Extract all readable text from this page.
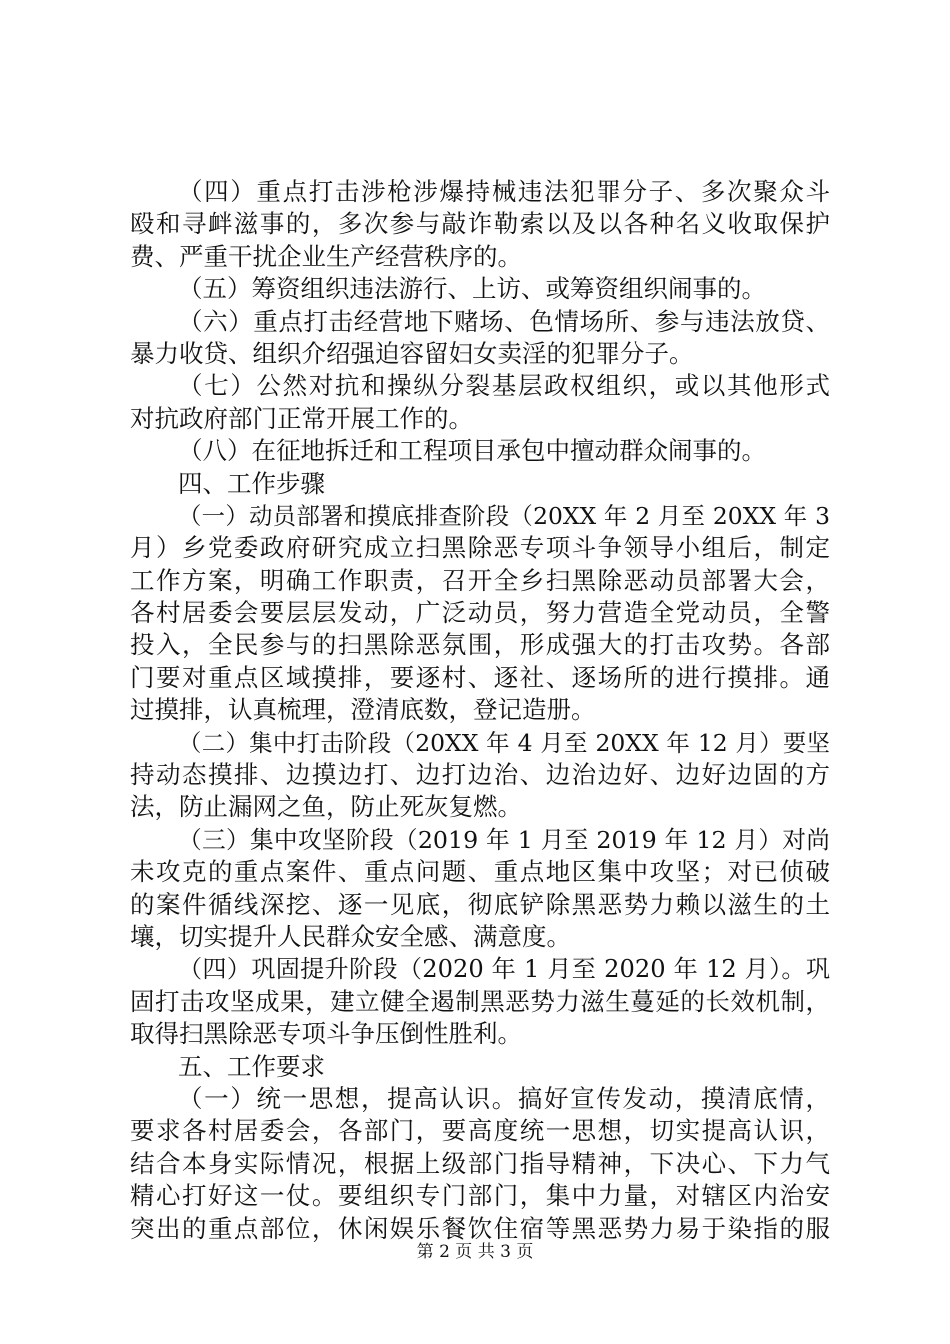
（四）重点打击涉枪涉爆持械违法犯罪分子、多次聚众斗
殴和寻衅滋事的，多次参与敲诈勒索以及以各种名义收取保护
费、严重干扰企业生产经营秩序的。
（五）筹资组织违法游行、上访、或筹资组织闹事的。
（六）重点打击经营地下赌场、色情场所、参与违法放贷、
暴力收贷、组织介绍强迫容留妇女卖淫的犯罪分子。
（七）公然对抗和操纵分裂基层政权组织，或以其他形式
对抗政府部门正常开展工作的。
（八）在征地拆迁和工程项目承包中擅动群众闹事的。
四、工作步骤
（一）动员部署和摸底排查阶段（20XX 年 2 月至 20XX 年 3
月）乡党委政府研究成立扫黑除恶专项斗争领导小组后，制定
工作方案，明确工作职责，召开全乡扫黑除恶动员部署大会，
各村居委会要层层发动，广泛动员，努力营造全党动员，全警
投入，全民参与的扫黑除恶氛围，形成强大的打击攻势。各部
门要对重点区域摸排，要逐村、逐社、逐场所的进行摸排。通
过摸排，认真梳理，澄清底数，登记造册。
（二）集中打击阶段（20XX 年 4 月至 20XX 年 12 月）要坚
持动态摸排、边摸边打、边打边治、边治边好、边好边固的方
法，防止漏网之鱼，防止死灰复燃。
（三）集中攻坚阶段（2019 年 1 月至 2019 年 12 月）对尚
未攻克的重点案件、重点问题、重点地区集中攻坚；对已侦破
的案件循线深挖、逐一见底，彻底铲除黑恶势力赖以滋生的土
壤，切实提升人民群众安全感、满意度。
（四）巩固提升阶段（2020 年 1 月至 2020 年 12 月）。巩
固打击攻坚成果，建立健全遏制黑恶势力滋生蔓延的长效机制，
取得扫黑除恶专项斗争压倒性胜利。
五、工作要求
（一）统一思想，提高认识。搞好宣传发动，摸清底情，
要求各村居委会，各部门，要高度统一思想，切实提高认识，
结合本身实际情况，根据上级部门指导精神，下决心、下力气
精心打好这一仗。要组织专门部门，集中力量，对辖区内治安
突出的重点部位，休闲娱乐餐饮住宿等黑恶势力易于染指的服
第 2 页 共 3 页
